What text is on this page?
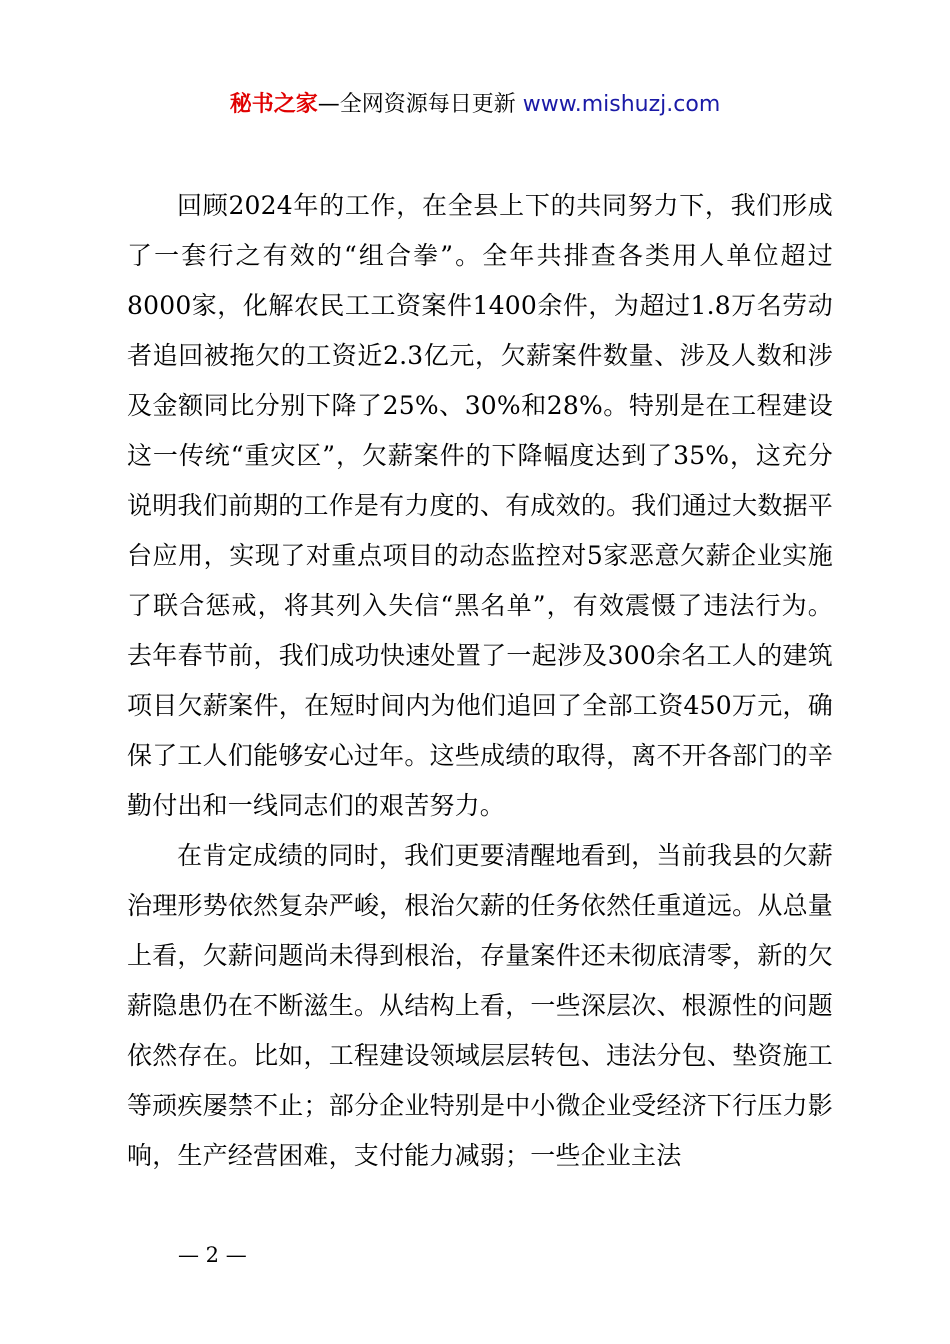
秘书之家—全网资源每日更新 www.mishuzj.com

回顾2024年的工作，在全县上下的共同努力下，我们形成了一套行之有效的“组合拳”。全年共排查各类用人单位超过8000家，化解农民工工资案件1400余件，为超过1.8万名劳动者追回被拖欠的工资近2.3亿元，欠薪案件数量、涉及人数和涉及金额同比分别下降了25%、30%和28%。特别是在工程建设这一传统“重灾区”，欠薪案件的下降幅度达到了35%，这充分说明我们前期的工作是有力度的、有成效的。我们通过大数据平台应用，实现了对重点项目的动态监控对5家恶意欠薪企业实施了联合惩戒，将其列入失信“黑名单”，有效震慑了违法行为。去年春节前，我们成功快速处置了一起涉及300余名工人的建筑项目欠薪案件，在短时间内为他们追回了全部工资450万元，确保了工人们能够安心过年。这些成绩的取得，离不开各部门的辛勤付出和一线同志们的艰苦努力。

在肯定成绩的同时，我们更要清醒地看到，当前我县的欠薪治理形势依然复杂严峻，根治欠薪的任务依然任重道远。从总量上看，欠薪问题尚未得到根治，存量案件还未彻底清零，新的欠薪隐患仍在不断滋生。从结构上看，一些深层次、根源性的问题依然存在。比如，工程建设领域层层转包、违法分包、垫资施工等顽疾屡禁不止；部分企业特别是中小微企业受经济下行压力影响，生产经营困难，支付能力减弱；一些企业主法

— 2 —
